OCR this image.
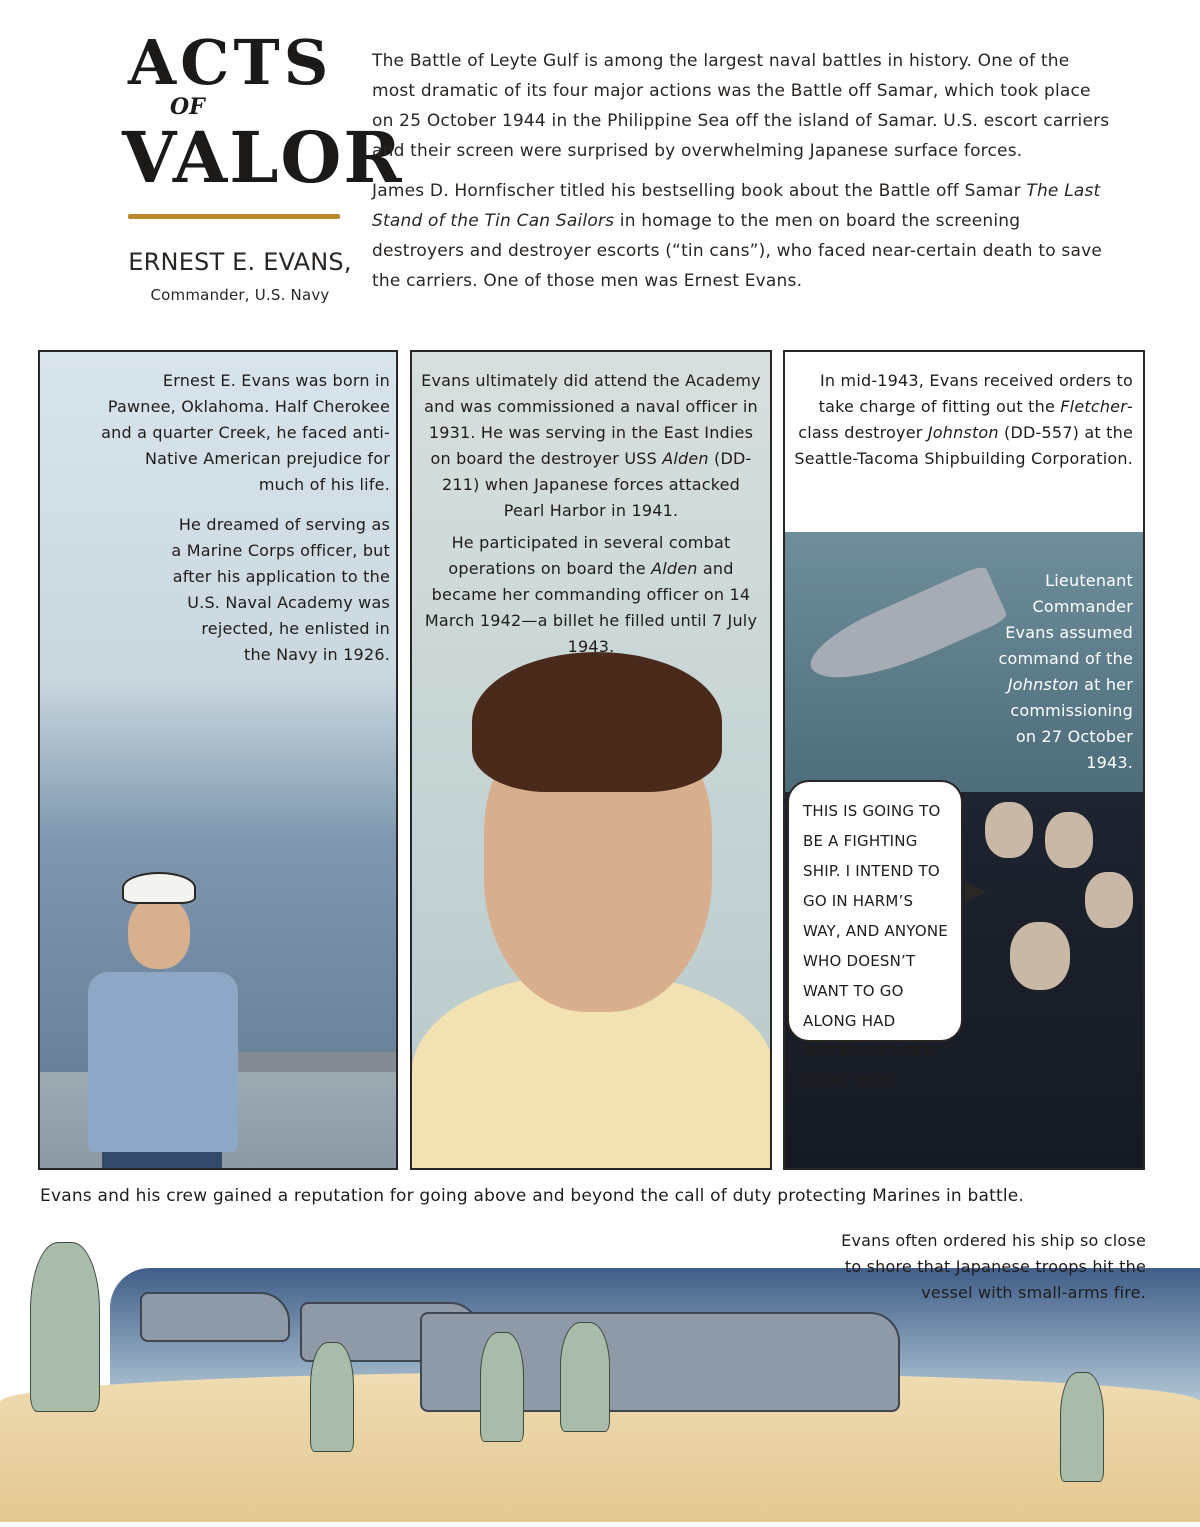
ACTS
OF
VALOR
ERNEST E. EVANS,
Commander, U.S. Navy

The Battle of Leyte Gulf is among the largest naval battles in history. One of the most dramatic of its four major actions was the Battle off Samar, which took place on 25 October 1944 in the Philippine Sea off the island of Samar. U.S. escort carriers and their screen were surprised by overwhelming Japanese surface forces.

James D. Hornfischer titled his bestselling book about the Battle off Samar The Last Stand of the Tin Can Sailors in homage to the men on board the screening destroyers and destroyer escorts (“tin cans”), who faced near-certain death to save the carriers. One of those men was Ernest Evans.

Ernest E. Evans was born in Pawnee, Oklahoma. Half Cherokee and a quarter Creek, he faced anti-Native American prejudice for much of his life.

He dreamed of serving as a Marine Corps officer, but after his application to the U.S. Naval Academy was rejected, he enlisted in the Navy in 1926.

Evans ultimately did attend the Academy and was commissioned a naval officer in 1931. He was serving in the East Indies on board the destroyer USS Alden (DD-211) when Japanese forces attacked Pearl Harbor in 1941.

He participated in several combat operations on board the Alden and became her commanding officer on 14 March 1942—a billet he filled until 7 July 1943.

In mid-1943, Evans received orders to take charge of fitting out the Fletcher-class destroyer Johnston (DD-557) at the Seattle-Tacoma Shipbuilding Corporation.

Lieutenant Commander Evans assumed command of the Johnston at her commissioning on 27 October 1943.

THIS IS GOING TO BE A FIGHTING SHIP. I INTEND TO GO IN HARM’S WAY, AND ANYONE WHO DOESN’T WANT TO GO ALONG HAD BETTER GET OFF RIGHT NOW.
Evans and his crew gained a reputation for going above and beyond the call of duty protecting Marines in battle.
Evans often ordered his ship so close to shore that Japanese troops hit the vessel with small-arms fire.
